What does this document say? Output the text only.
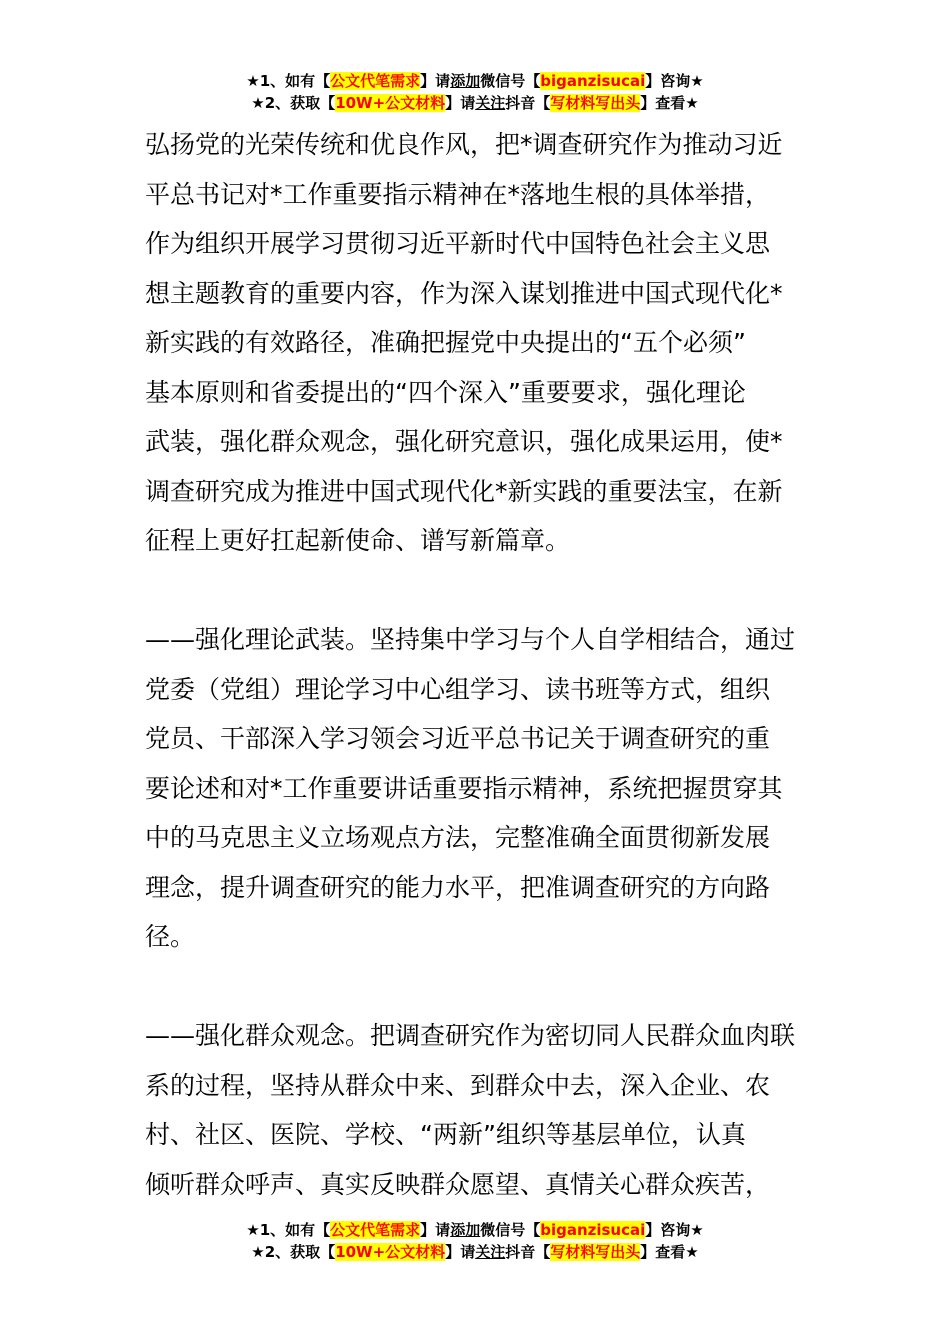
★1、如有【公文代笔需求】请添加微信号【biganzisucai】咨询★
★2、获取【10W+公文材料】请关注抖音【写材料写出头】查看★
弘扬党的光荣传统和优良作风，把*调查研究作为推动习近
平总书记对*工作重要指示精神在*落地生根的具体举措，
作为组织开展学习贯彻习近平新时代中国特色社会主义思
想主题教育的重要内容，作为深入谋划推进中国式现代化*
新实践的有效路径，准确把握党中央提出的“五个必须”
基本原则和省委提出的“四个深入”重要要求，强化理论
武装，强化群众观念，强化研究意识，强化成果运用，使*
调查研究成为推进中国式现代化*新实践的重要法宝，在新
征程上更好扛起新使命、谱写新篇章。
——强化理论武装。坚持集中学习与个人自学相结合，通过
党委（党组）理论学习中心组学习、读书班等方式，组织
党员、干部深入学习领会习近平总书记关于调查研究的重
要论述和对*工作重要讲话重要指示精神，系统把握贯穿其
中的马克思主义立场观点方法，完整准确全面贯彻新发展
理念，提升调查研究的能力水平，把准调查研究的方向路
径。
——强化群众观念。把调查研究作为密切同人民群众血肉联
系的过程，坚持从群众中来、到群众中去，深入企业、农
村、社区、医院、学校、“两新”组织等基层单位，认真
倾听群众呼声、真实反映群众愿望、真情关心群众疾苦，
★1、如有【公文代笔需求】请添加微信号【biganzisucai】咨询★
★2、获取【10W+公文材料】请关注抖音【写材料写出头】查看★
